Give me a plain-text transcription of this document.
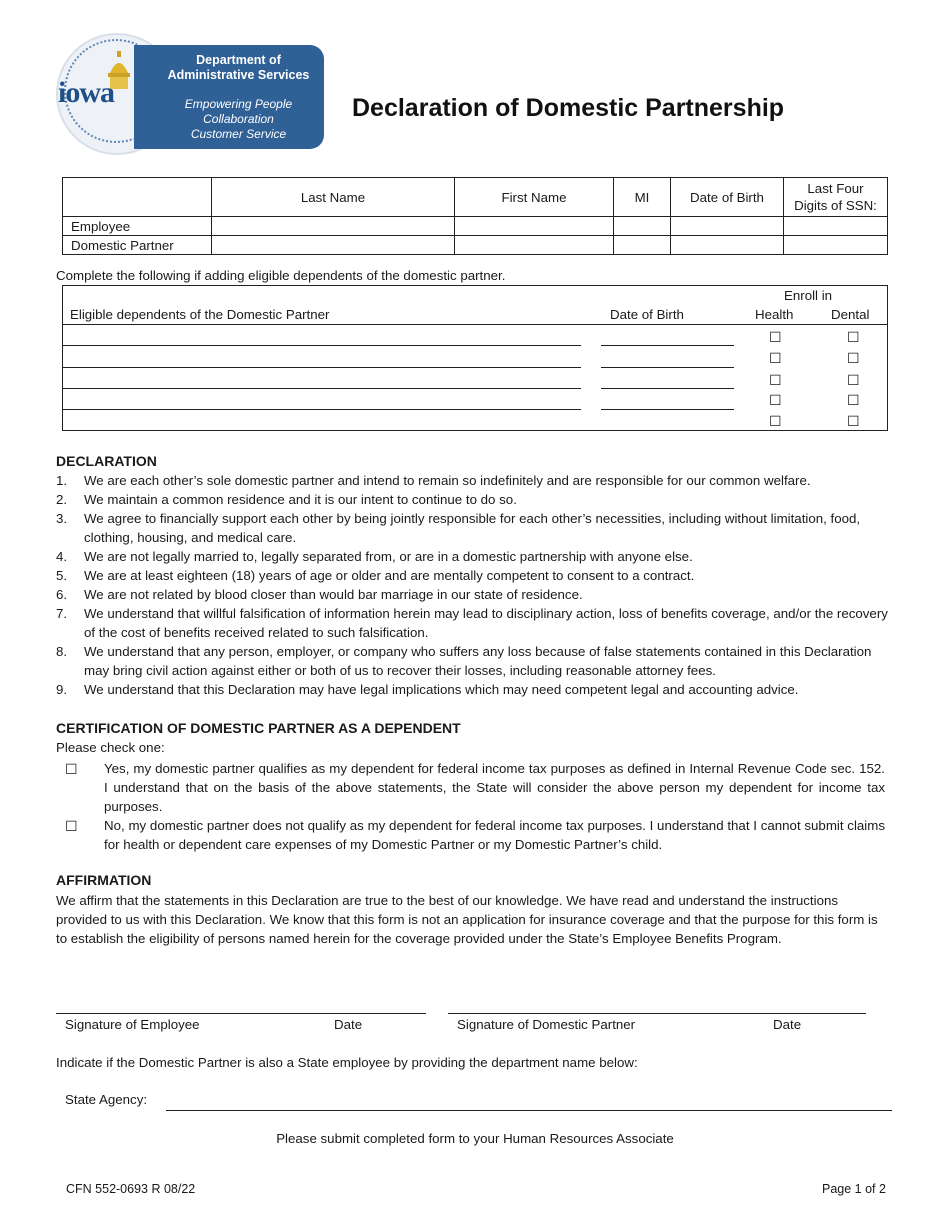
iowa
Department of
Administrative Services
Empowering People
Collaboration
Customer Service
Declaration of Domestic Partnership
	Last Name	First Name	MI	Date of Birth	Last Four
Digits of SSN:

Employee					
Domestic Partner					
Complete the following if adding eligible dependents of the domestic partner.
Eligible dependents of the Domestic Partner	Date of Birth
Enroll in
Health	Dental
☐	☐
☐	☐
☐	☐
☐	☐
☐	☐
DECLARATION
1. We are each other’s sole domestic partner and intend to remain so indefinitely and are responsible for our common welfare.
2. We maintain a common residence and it is our intent to continue to do so.
3. We agree to financially support each other by being jointly responsible for each other’s necessities, including without limitation, food, clothing, housing, and medical care.
4. We are not legally married to, legally separated from, or are in a domestic partnership with anyone else.
5. We are at least eighteen (18) years of age or older and are mentally competent to consent to a contract.
6. We are not related by blood closer than would bar marriage in our state of residence.
7. We understand that willful falsification of information herein may lead to disciplinary action, loss of benefits coverage, and/or the recovery of the cost of benefits received related to such falsification.
8. We understand that any person, employer, or company who suffers any loss because of false statements contained in this Declaration may bring civil action against either or both of us to recover their losses, including reasonable attorney fees.
9. We understand that this Declaration may have legal implications which may need competent legal and accounting advice.
CERTIFICATION OF DOMESTIC PARTNER AS A DEPENDENT
Please check one:
☐ Yes, my domestic partner qualifies as my dependent for federal income tax purposes as defined in Internal Revenue Code sec. 152. I understand that on the basis of the above statements, the State will consider the above person my dependent for income tax purposes.
☐ No, my domestic partner does not qualify as my dependent for federal income tax purposes. I understand that I cannot submit claims for health or dependent care expenses of my Domestic Partner or my Domestic Partner’s child.
AFFIRMATION
We affirm that the statements in this Declaration are true to the best of our knowledge. We have read and understand the instructions provided to us with this Declaration. We know that this form is not an application for insurance coverage and that the purpose for this form is to establish the eligibility of persons named herein for the coverage provided under the State’s Employee Benefits Program.
Signature of Employee	Date	Signature of Domestic Partner	Date
Indicate if the Domestic Partner is also a State employee by providing the department name below:
State Agency:
Please submit completed form to your Human Resources Associate
CFN 552-0693 R 08/22	Page 1 of 2
